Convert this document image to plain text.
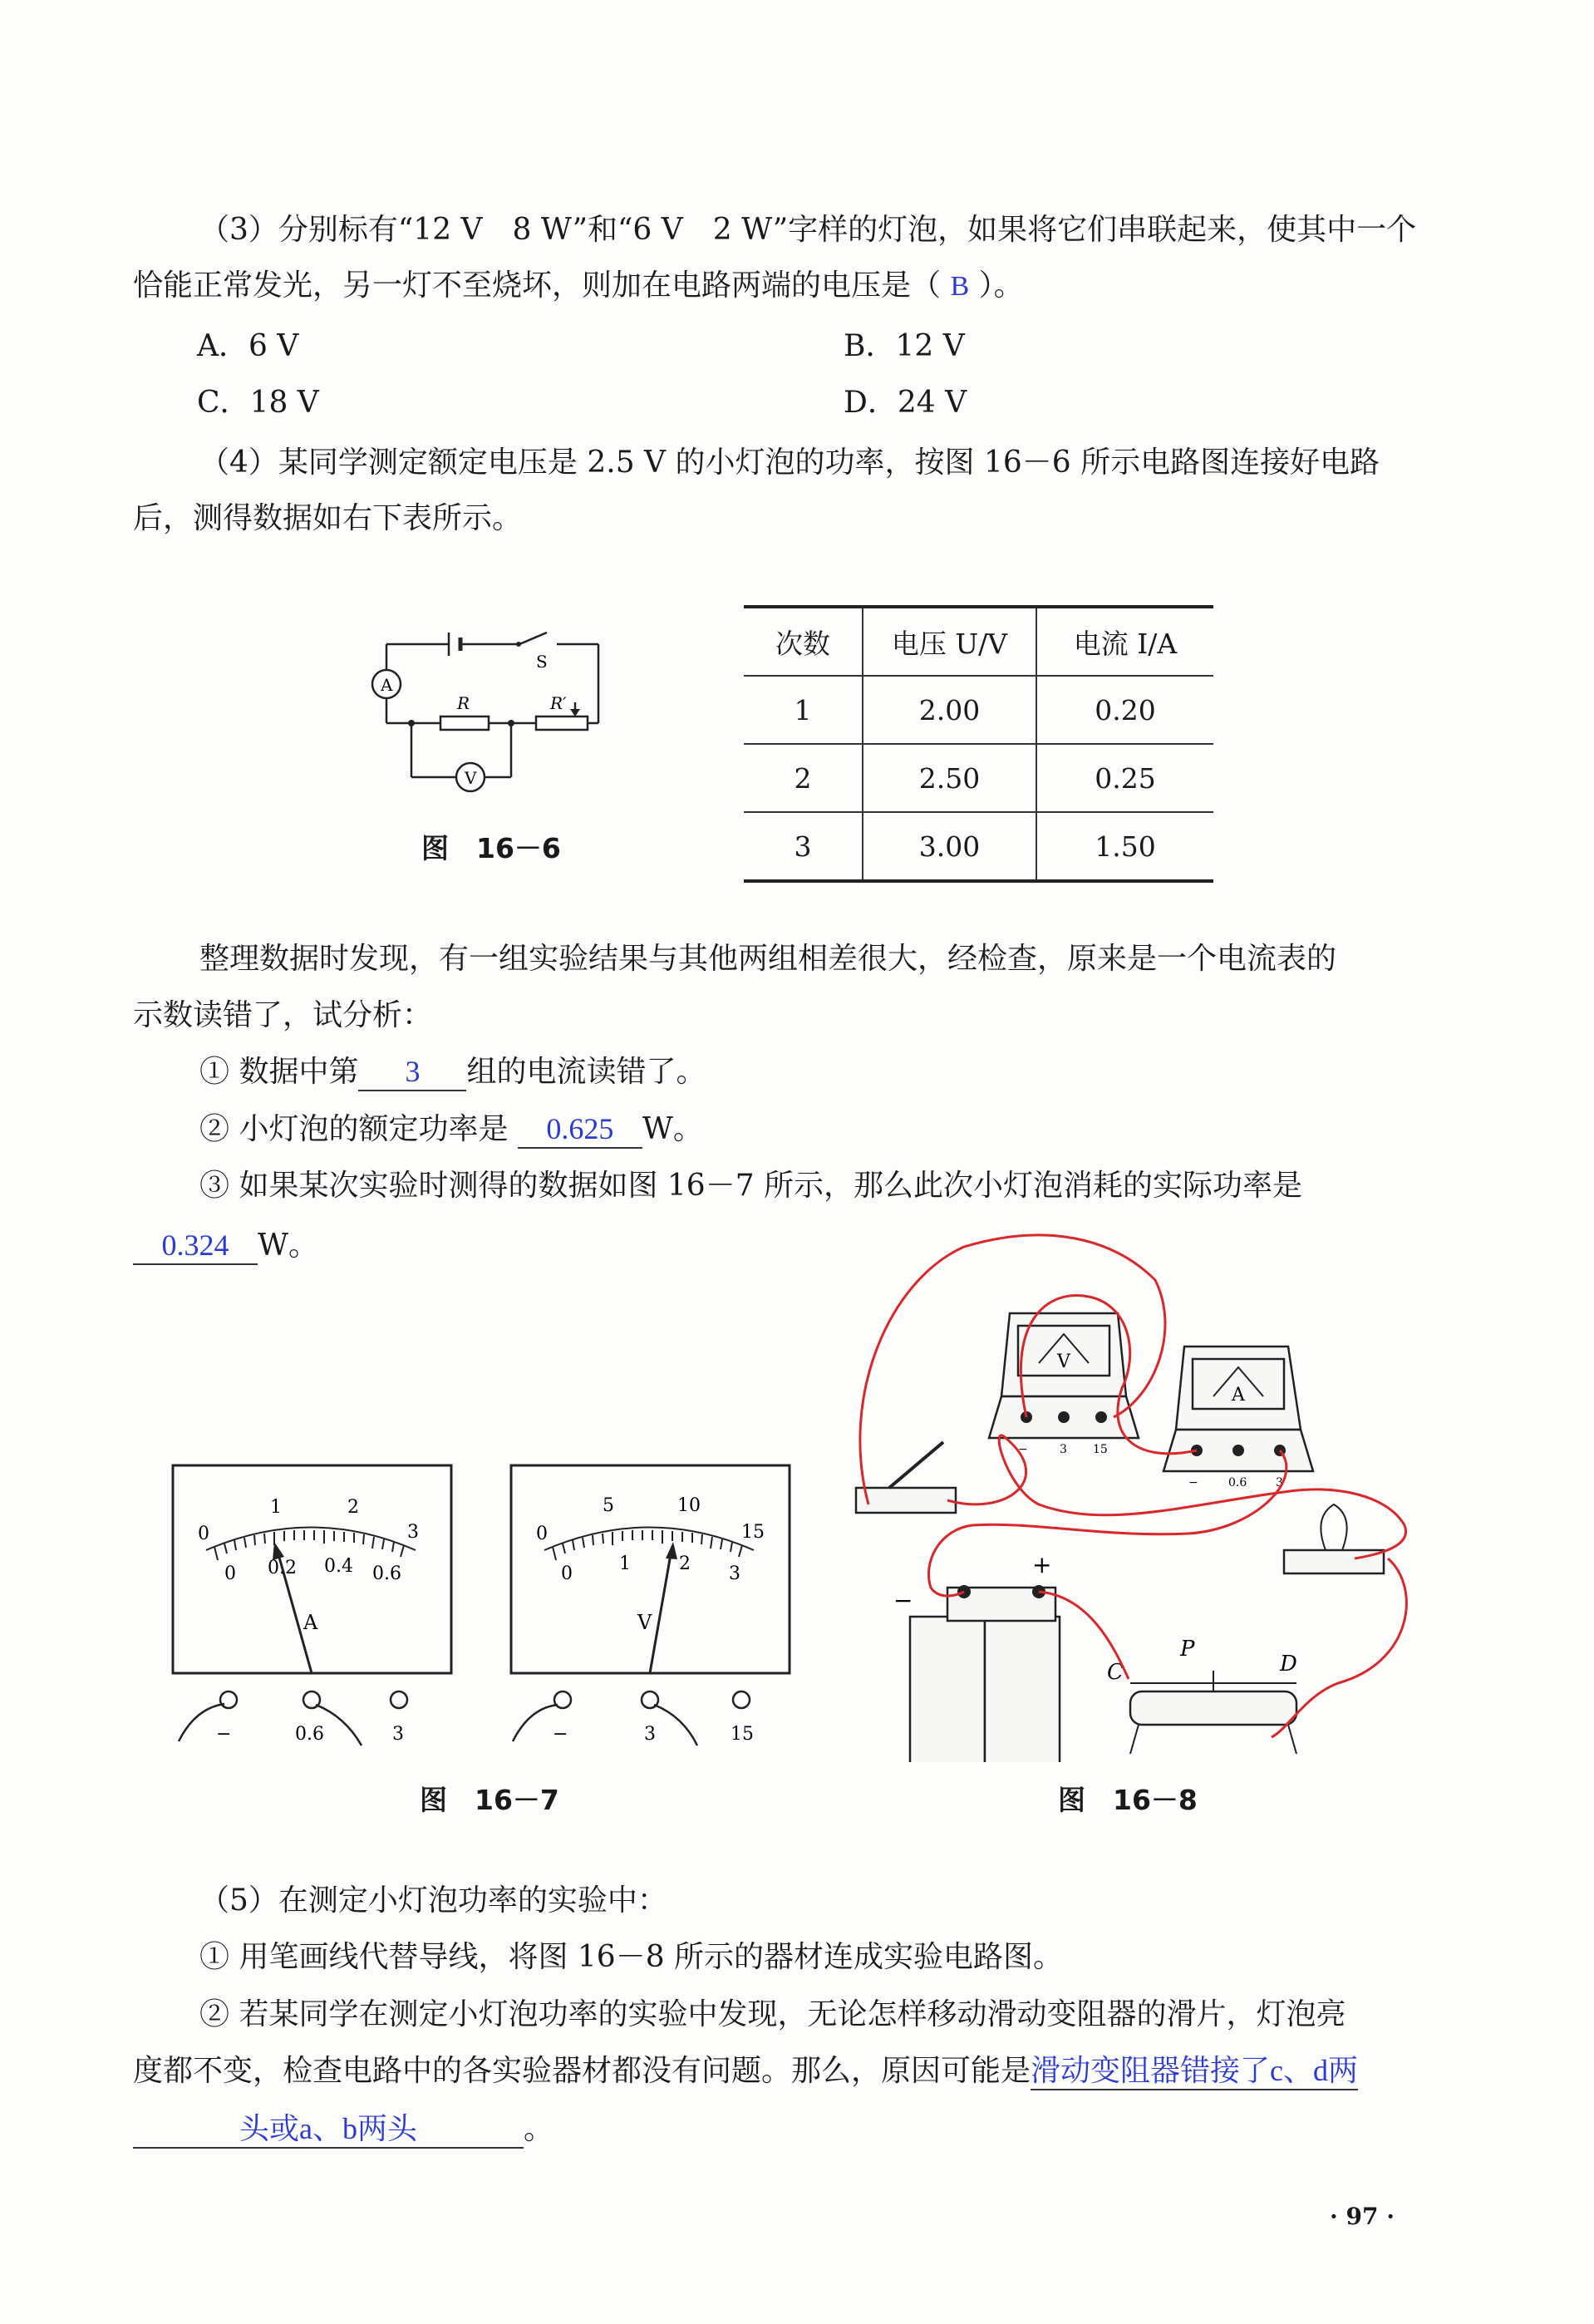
（3）分别标有“12 V　8 W”和“6 V　2 W”字样的灯泡，如果将它们串联起来，使其中一个
恰能正常发光，另一灯不至烧坏，则加在电路两端的电压是（ B ）。
A．6 V	B．12 V
C．18 V	D．24 V
（4）某同学测定额定电压是 2.5 V 的小灯泡的功率，按图 16－6 所示电路图连接好电路
后，测得数据如右下表所示。
S
A
R	R′
V
图　16－6
次数	电压 U/V	电流 I/A
1	2.00	0.20
2	2.50	0.25
3	3.00	1.50
整理数据时发现，有一组实验结果与其他两组相差很大，经检查，原来是一个电流表的
示数读错了，试分析：
① 数据中第 3 组的电流读错了。
② 小灯泡的额定功率是 0.625 W。
③ 如果某次实验时测得的数据如图 16－7 所示，那么此次小灯泡消耗的实际功率是
0.324 W。
0
1	2
3
0 0.2 0.4 0.6
A
−	0.6	3
0
5	10
15
0	1	2 3
V
−	3	15
图　16－7
V
A
−	3 15
−	0.6 3
−
+
C
P
D
图　16－8
（5）在测定小灯泡功率的实验中：
① 用笔画线代替导线，将图 16－8 所示的器材连成实验电路图。
② 若某同学在测定小灯泡功率的实验中发现，无论怎样移动滑动变阻器的滑片，灯泡亮
度都不变，检查电路中的各实验器材都没有问题。那么，原因可能是滑动变阻器错接了c、d两
头或a、b两头	。
· 97 ·
